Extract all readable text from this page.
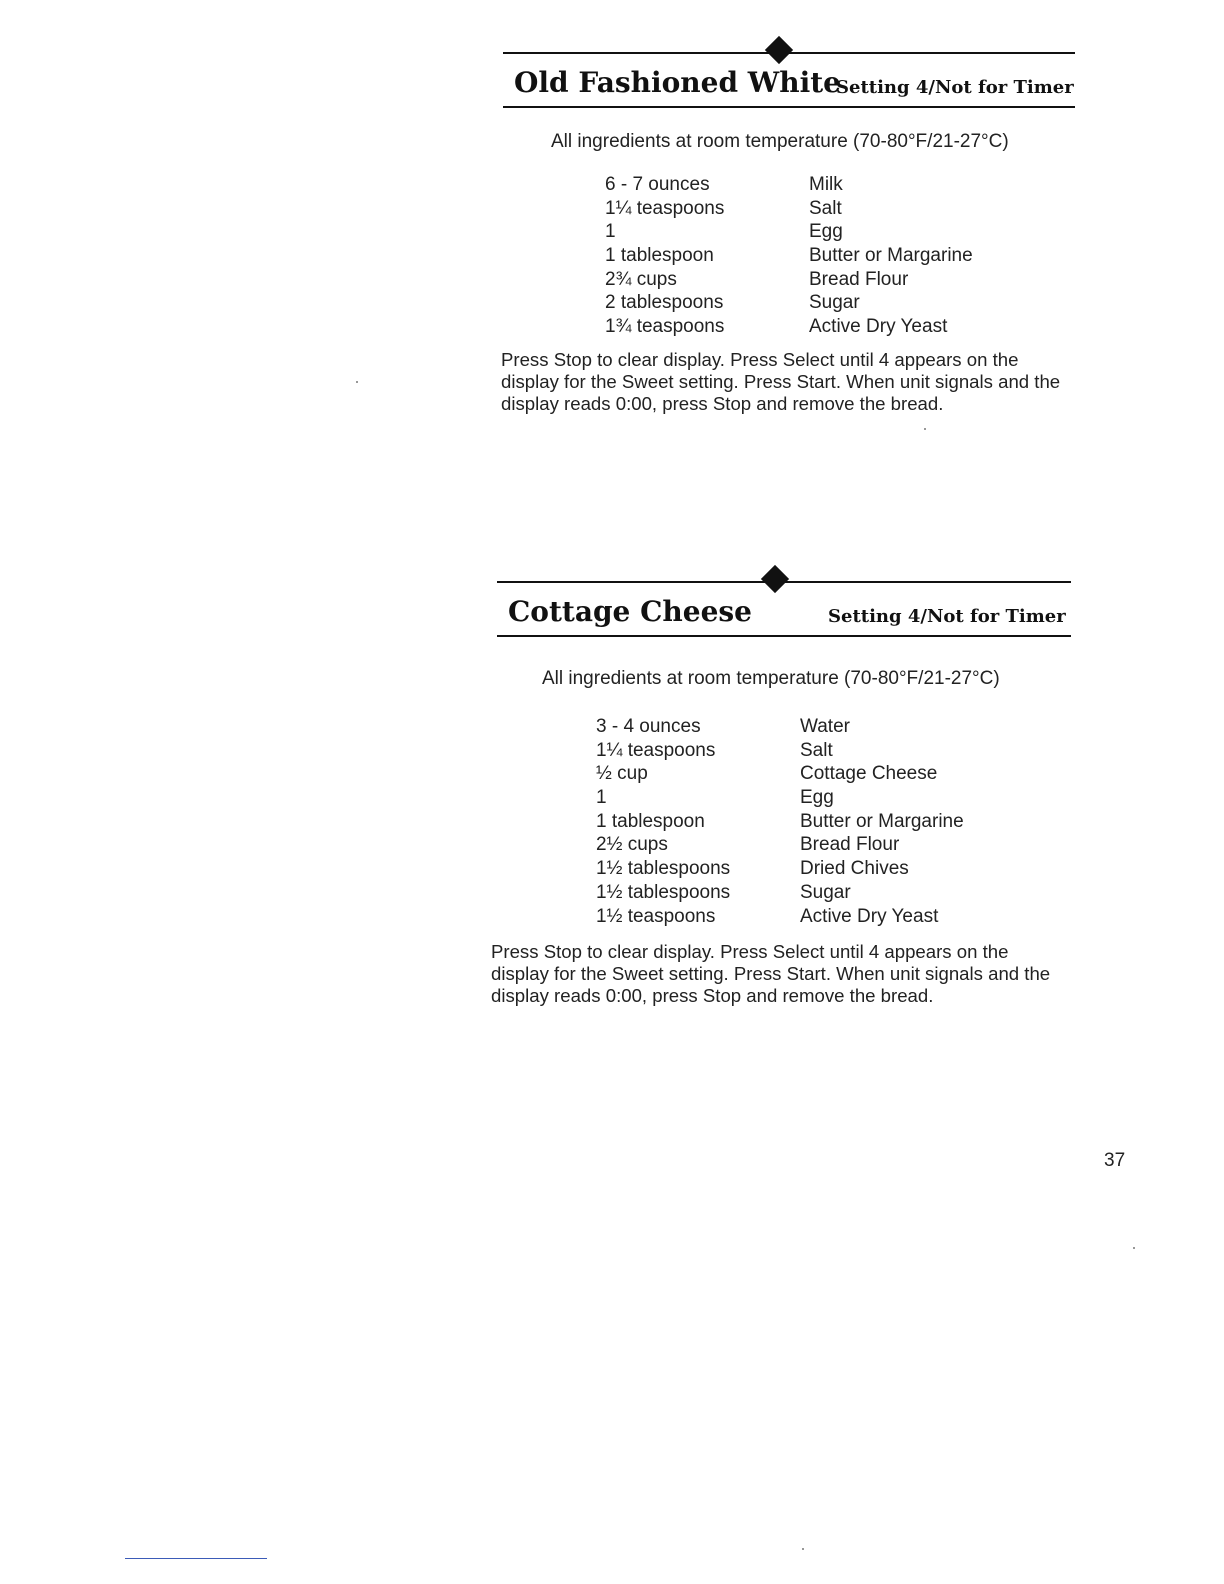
Old Fashioned White
Setting 4/Not for Timer
All ingredients at room temperature (70-80°F/21-27°C)
6 - 7 ounces	Milk
1¼ teaspoons	Salt
1	Egg
1 tablespoon	Butter or Margarine
2¾ cups	Bread Flour
2 tablespoons	Sugar
1¾ teaspoons	Active Dry Yeast
Press Stop to clear display. Press Select until 4 appears on the display for the Sweet setting. Press Start. When unit signals and the display reads 0:00, press Stop and remove the bread.
Cottage Cheese	Setting 4/Not for Timer
All ingredients at room temperature (70-80°F/21-27°C)
3 - 4 ounces	Water
1¼ teaspoons	Salt
½ cup	Cottage Cheese
1	Egg
1 tablespoon	Butter or Margarine
2½ cups	Bread Flour
1½ tablespoons	Dried Chives
1½ tablespoons	Sugar
1½ teaspoons	Active Dry Yeast
Press Stop to clear display. Press Select until 4 appears on the display for the Sweet setting. Press Start. When unit signals and the display reads 0:00, press Stop and remove the bread.
37
